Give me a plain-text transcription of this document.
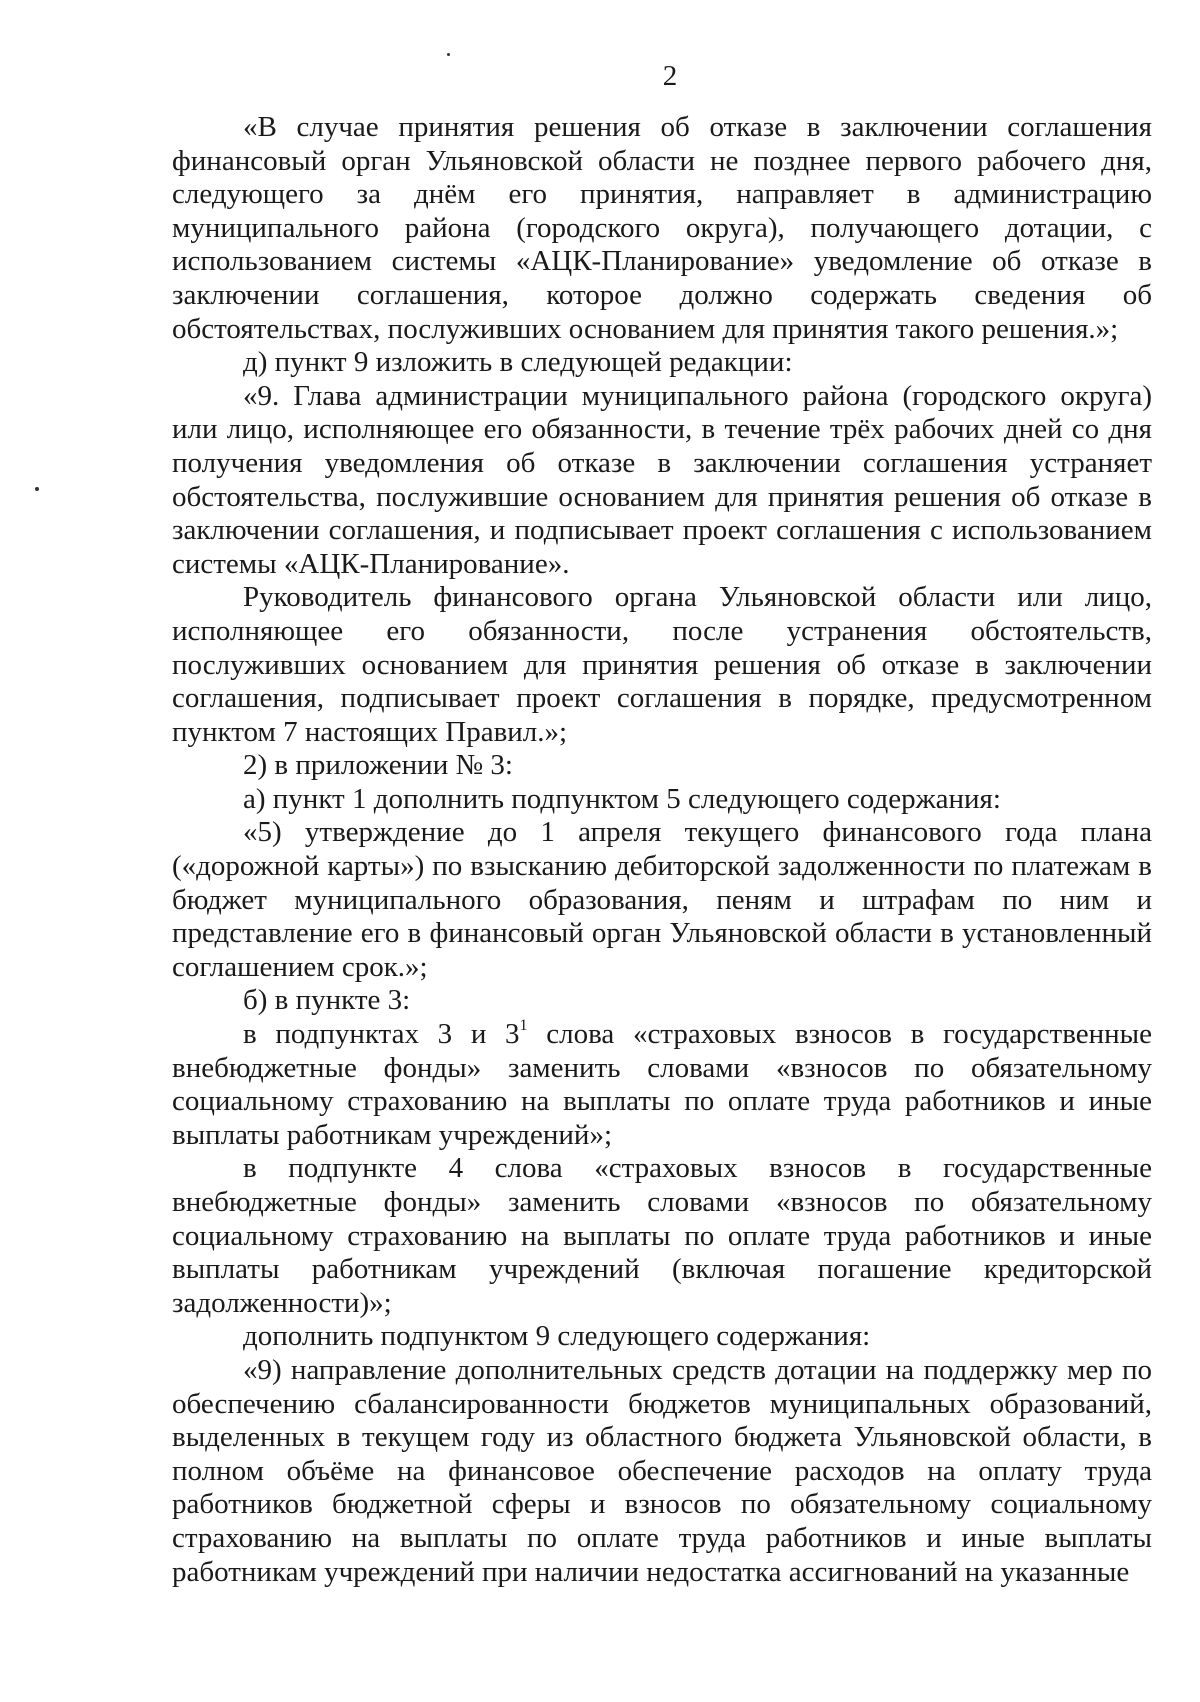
2

«В случае принятия решения об отказе в заключении соглашения финансовый орган Ульяновской области не позднее первого рабочего дня, следующего за днём его принятия, направляет в администрацию муниципального района (городского округа), получающего дотации, с использованием системы «АЦК-Планирование» уведомление об отказе в заключении соглашения, которое должно содержать сведения об обстоятельствах, послуживших основанием для принятия такого решения.»;

д) пункт 9 изложить в следующей редакции:

«9. Глава администрации муниципального района (городского округа) или лицо, исполняющее его обязанности, в течение трёх рабочих дней со дня получения уведомления об отказе в заключении соглашения устраняет обстоятельства, послужившие основанием для принятия решения об отказе в заключении соглашения, и подписывает проект соглашения с использованием системы «АЦК-Планирование».

Руководитель финансового органа Ульяновской области или лицо, исполняющее его обязанности, после устранения обстоятельств, послуживших основанием для принятия решения об отказе в заключении соглашения, подписывает проект соглашения в порядке, предусмотренном пунктом 7 настоящих Правил.»;

2) в приложении № 3:

а) пункт 1 дополнить подпунктом 5 следующего содержания:

«5) утверждение до 1 апреля текущего финансового года плана («дорожной карты») по взысканию дебиторской задолженности по платежам в бюджет муниципального образования, пеням и штрафам по ним и представление его в финансовый орган Ульяновской области в установленный соглашением срок.»;

б) в пункте 3:

в подпунктах 3 и $3^1$ слова «страховых взносов в государственные внебюджетные фонды» заменить словами «взносов по обязательному социальному страхованию на выплаты по оплате труда работников и иные выплаты работникам учреждений»;

в подпункте 4 слова «страховых взносов в государственные внебюджетные фонды» заменить словами «взносов по обязательному социальному страхованию на выплаты по оплате труда работников и иные выплаты работникам учреждений (включая погашение кредиторской задолженности)»;

дополнить подпунктом 9 следующего содержания:

«9) направление дополнительных средств дотации на поддержку мер по обеспечению сбалансированности бюджетов муниципальных образований, выделенных в текущем году из областного бюджета Ульяновской области, в полном объёме на финансовое обеспечение расходов на оплату труда работников бюджетной сферы и взносов по обязательному социальному страхованию на выплаты по оплате труда работников и иные выплаты работникам учреждений при наличии недостатка ассигнований на указанные
